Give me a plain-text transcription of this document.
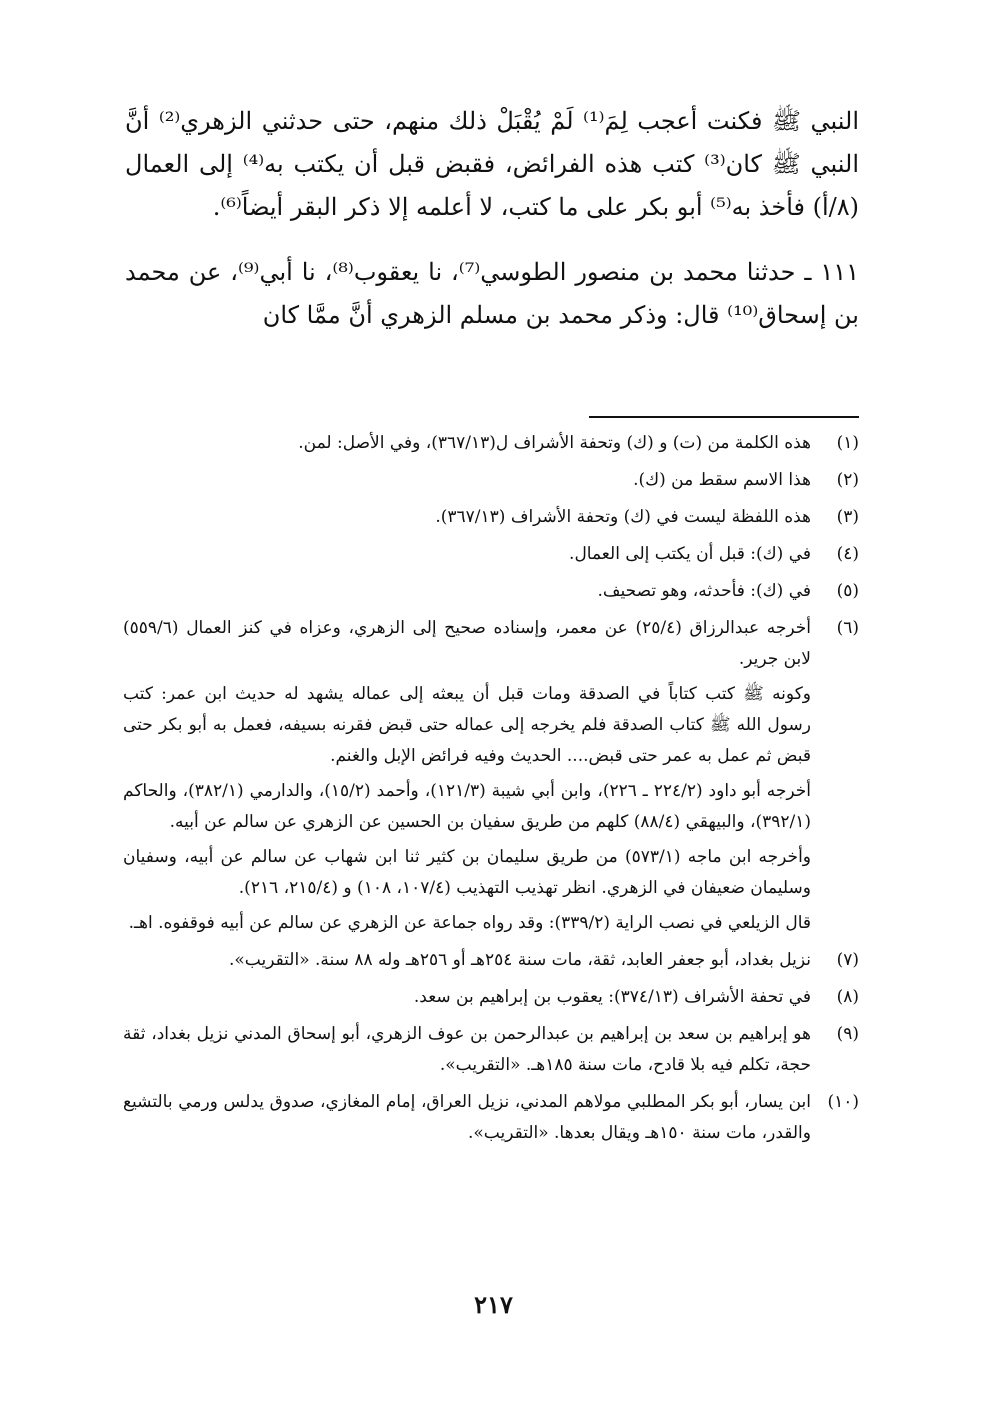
النبي ﷺ فكنت أعجب لِمَ⁽¹⁾ لَمْ يُقْبَلْ ذلك منهم، حتى حدثني الزهري⁽²⁾ أنَّ النبي ﷺ كان⁽³⁾ كتب هذه الفرائض، فقبض قبل أن يكتب به⁽⁴⁾ إلى العمال (٨/أ) فأخذ به⁽⁵⁾ أبو بكر على ما كتب، لا أعلمه إلا ذكر البقر أيضاً⁽⁶⁾.

١١١ ـ حدثنا محمد بن منصور الطوسي⁽⁷⁾، نا يعقوب⁽⁸⁾، نا أبي⁽⁹⁾، عن محمد بن إسحاق⁽¹⁰⁾ قال: وذكر محمد بن مسلم الزهري أنَّ ممَّا كان

(١)
هذه الكلمة من (ت) و (ك) وتحفة الأشراف ل(٣٦٧/١٣)، وفي الأصل: لمن.
(٢)
هذا الاسم سقط من (ك).
(٣)
هذه اللفظة ليست في (ك) وتحفة الأشراف (٣٦٧/١٣).
(٤)
في (ك): قبل أن يكتب إلى العمال.
(٥)
في (ك): فأحدثه، وهو تصحيف.
(٦)
أخرجه عبدالرزاق (٢٥/٤) عن معمر، وإسناده صحيح إلى الزهري، وعزاه في كنز العمال (٥٥٩/٦) لابن جرير.
وكونه ﷺ كتب كتاباً في الصدقة ومات قبل أن يبعثه إلى عماله يشهد له حديث ابن عمر: كتب رسول الله ﷺ كتاب الصدقة فلم يخرجه إلى عماله حتى قبض فقرنه بسيفه، فعمل به أبو بكر حتى قبض ثم عمل به عمر حتى قبض.... الحديث وفيه فرائض الإبل والغنم.
أخرجه أبو داود (٢٢٤/٢ ـ ٢٢٦)، وابن أبي شيبة (١٢١/٣)، وأحمد (١٥/٢)، والدارمي (٣٨٢/١)، والحاكم (٣٩٢/١)، والبيهقي (٨٨/٤) كلهم من طريق سفيان بن الحسين عن الزهري عن سالم عن أبيه.
وأخرجه ابن ماجه (٥٧٣/١) من طريق سليمان بن كثير ثنا ابن شهاب عن سالم عن أبيه، وسفيان وسليمان ضعيفان في الزهري. انظر تهذيب التهذيب (١٠٧/٤، ١٠٨) و (٢١٥/٤، ٢١٦).
قال الزيلعي في نصب الراية (٣٣٩/٢): وقد رواه جماعة عن الزهري عن سالم عن أبيه فوقفوه. اهـ.
(٧)
نزيل بغداد، أبو جعفر العابد، ثقة، مات سنة ٢٥٤هـ أو ٢٥٦هـ وله ٨٨ سنة. «التقريب».
(٨)
في تحفة الأشراف (٣٧٤/١٣): يعقوب بن إبراهيم بن سعد.
(٩)
هو إبراهيم بن سعد بن إبراهيم بن عبدالرحمن بن عوف الزهري، أبو إسحاق المدني نزيل بغداد، ثقة حجة، تكلم فيه بلا قادح، مات سنة ١٨٥هـ. «التقريب».
(١٠)
ابن يسار، أبو بكر المطلبي مولاهم المدني، نزيل العراق، إمام المغازي، صدوق يدلس ورمي بالتشيع والقدر، مات سنة ١٥٠هـ ويقال بعدها. «التقريب».
٢١٧
